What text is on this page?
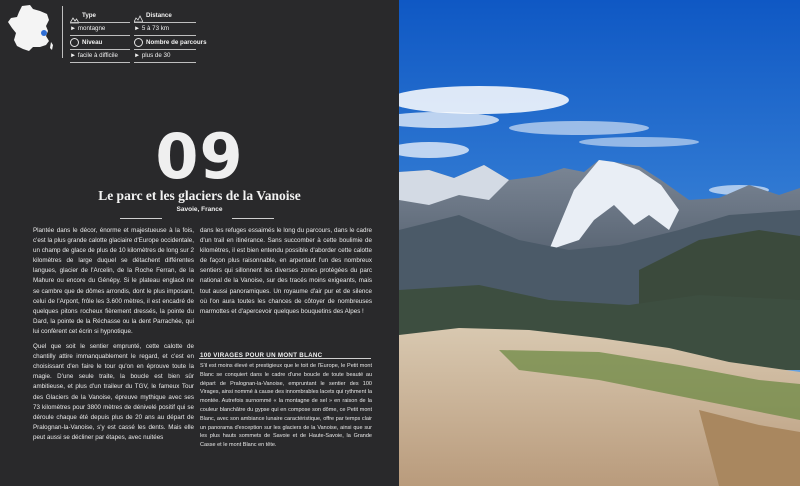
Type
► montagne
Niveau
► facile à difficile
Distance
► 5 à 73 km
Nombre de parcours
► plus de 30
09
Le parc et les glaciers de la Vanoise
Savoie, France

Plantée dans le décor, énorme et majestueuse à la fois, c'est la plus grande calotte glaciaire d'Europe occidentale, un champ de glace de plus de 10 kilomètres de long sur 2 kilomètres de large duquel se détachent différentes langues, glacier de l'Arcelin, de la Roche Ferran, de la Mahure ou encore du Génépy. Si le plateau englacé ne se cambre que de dômes arrondis, dont le plus imposant, celui de l'Arpont, frôle les 3.600 mètres, il est encadré de quelques pitons rocheux fièrement dressés, la pointe du Dard, la pointe de la Réchasse ou la dent Parrachée, qui lui confèrent cet écrin si hypnotique.

Quel que soit le sentier emprunté, cette calotte de chantilly attire immanquablement le regard, et c'est en choisissant d'en faire le tour qu'on en éprouve toute la magie. D'une seule traite, la boucle est bien sûr ambitieuse, et plus d'un traileur du TGV, le fameux Tour des Glaciers de la Vanoise, épreuve mythique avec ses 73 kilomètres pour 3800 mètres de dénivelé positif qui se déroule chaque été depuis plus de 20 ans au départ de Pralognan-la-Vanoise, s'y est cassé les dents. Mais elle peut aussi se décliner par étapes, avec nuitées

dans les refuges essaimés le long du parcours, dans le cadre d'un trail en itinérance. Sans succomber à cette boulimie de kilomètres, il est bien entendu possible d'aborder cette calotte de façon plus raisonnable, en arpentant l'un des nombreux sentiers qui sillonnent les diverses zones protégées du parc national de la Vanoise, sur des tracés moins exigeants, mais tout aussi panoramiques. Un royaume d'air pur et de silence où l'on aura toutes les chances de côtoyer de nombreuses marmottes et d'apercevoir quelques bouquetins des Alpes !

100 VIRAGES POUR UN MONT BLANC
S'il est moins élevé et prestigieux que le toit de l'Europe, le Petit mont Blanc se conquiert dans le cadre d'une boucle de toute beauté au départ de Pralognan-la-Vanoise, empruntant le sentier des 100 Virages, ainsi nommé à cause des innombrables lacets qui rythment la montée. Autrefois surnommé « la montagne de sel » en raison de la couleur blanchâtre du gypse qui en compose son dôme, ce Petit mont Blanc, avec son ambiance lunaire caractéristique, offre par temps clair un panorama d'exception sur les glaciers de la Vanoise, ainsi que sur les plus hauts sommets de Savoie et de Haute-Savoie, la Grande Casse et le mont Blanc en tête.
